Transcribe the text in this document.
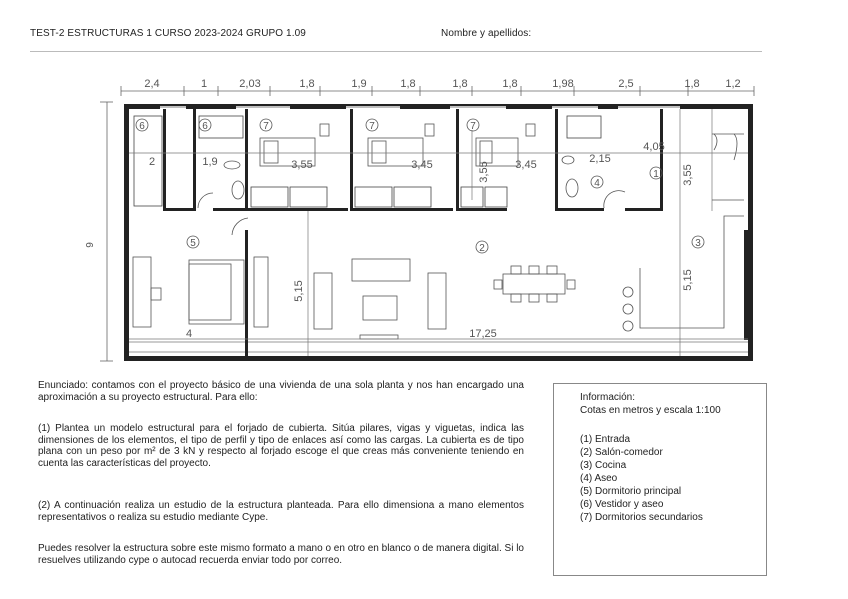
TEST-2 ESTRUCTURAS 1 CURSO 2023-2024 GRUPO 1.09	Nombre y apellidos:
2,4	1	2,03	1,8	1,9	1,8	1,8	1,8	1,98	2,5	1,8 1,2
9
1
2	3
4
5
6	6	7	7	7
2	1,9	3,55	3,45	3,55 3,45	2,15
4,05
3,55
5,15
5,15
4	17,25
Enunciado: contamos con el proyecto básico de una vivienda de una sola planta y nos han encargado una aproximación a su proyecto estructural. Para ello:
(1) Plantea un modelo estructural para el forjado de cubierta. Sitúa pilares, vigas y viguetas, indica las dimensiones de los elementos, el tipo de perfil y tipo de enlaces así como las cargas. La cubierta es de tipo plana con un peso por m² de 3 kN y respecto al forjado escoge el que creas más conveniente teniendo en cuenta las características del proyecto.
(2) A continuación realiza un estudio de la estructura planteada. Para ello dimensiona a mano elementos representativos o realiza su estudio mediante Cype.
Puedes resolver la estructura sobre este mismo formato a mano o en otro en blanco o de manera digital. Si lo resuelves utilizando cype o autocad recuerda enviar todo por correo.
Información:
Cotas en metros y escala 1:100
(1) Entrada
(2) Salón-comedor
(3) Cocina
(4) Aseo
(5) Dormitorio principal
(6) Vestidor y aseo
(7) Dormitorios secundarios
